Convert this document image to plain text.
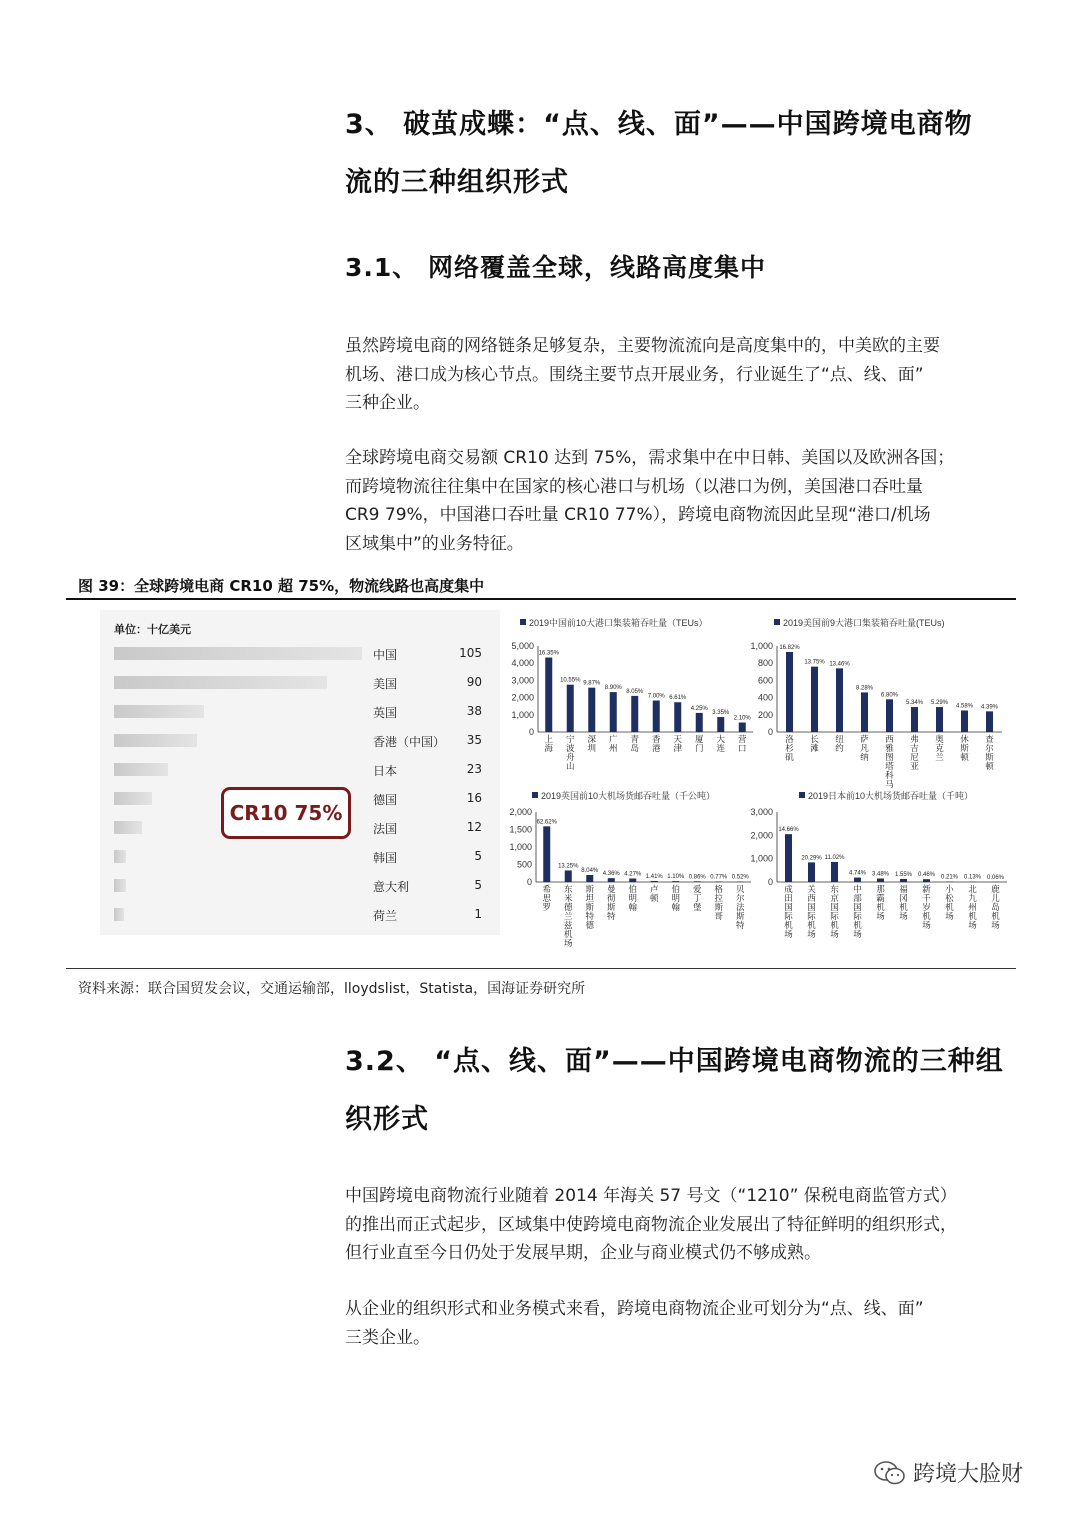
3、 破茧成蝶：“点、线、面”——中国跨境电商物
流的三种组织形式
3.1、 网络覆盖全球，线路高度集中

虽然跨境电商的网络链条足够复杂，主要物流流向是高度集中的，中美欧的主要

机场、港口成为核心节点。围绕主要节点开展业务，行业诞生了“点、线、面”

三种企业。

全球跨境电商交易额 CR10 达到 75%，需求集中在中日韩、美国以及欧洲各国；

而跨境物流往往集中在国家的核心港口与机场（以港口为例，美国港口吞吐量

CR9 79%，中国港口吞吐量 CR10 77%），跨境电商物流因此呈现“港口/机场

区域集中”的业务特征。

图 39：全球跨境电商 CR10 超 75%，物流线路也高度集中
单位：十亿美元
中国	105
美国	90
英国	38
香港（中国）	35
日本	23
德国	16
法国	12
韩国	5
意大利	5
荷兰	1
CR10 75%
2019中国前10大港口集装箱吞吐量（TEUs）
0
1,000
2,000
3,000
4,000
5,000
16.35%
上海
10.55%
宁波舟山
9.87%
深圳
8.90%
广州
8.05%
青岛
7.00%
香港
6.61%
天津
4.25%
厦门
3.35%
大连
2.10%
营口
2019美国前9大港口集装箱吞吐量(TEUs)
0
200
400
600
800
1,000 16.82%
洛杉矶
13.75%
长滩
13.46%
纽约
8.28%
萨凡纳
6.80%
西雅图塔科马
5.34%
弗吉尼亚
5.29%
奥克兰
4.58%
休斯顿
4.39%
查尔斯顿
2019英国前10大机场货邮吞吐量（千公吨）
0
500
1,000
1,500
2,000
62.62%
希思罗
13.25%
东米德兰兹机场
8.04%
斯坦斯特德
4.36%
曼彻斯特
4.27%
伯明翰
1.41%
卢顿
1.10%
伯明翰
0.86%
爱丁堡
0.77%
格拉斯哥
0.52%
贝尔法斯特
2019日本前10大机场货邮吞吐量（千吨）
0
1,000
2,000
3,000
14.66%
成田国际机场
20.29%
关西国际机场
11.02%
东京国际机场
4.74%
中部国际机场
3.48%
那霸机场
1.55%
福冈机场
0.46%
新千岁机场
0.21%
小松机场
0.13%
北九州机场
0.06%
鹿儿岛机场
资料来源：联合国贸发会议，交通运输部，lloydslist，Statista，国海证券研究所
3.2、 “点、线、面”——中国跨境电商物流的三种组
织形式

中国跨境电商物流行业随着 2014 年海关 57 号文（“1210” 保税电商监管方式）

的推出而正式起步，区域集中使跨境电商物流企业发展出了特征鲜明的组织形式，

但行业直至今日仍处于发展早期，企业与商业模式仍不够成熟。

从企业的组织形式和业务模式来看，跨境电商物流企业可划分为“点、线、面”

三类企业。

跨境大脸财
